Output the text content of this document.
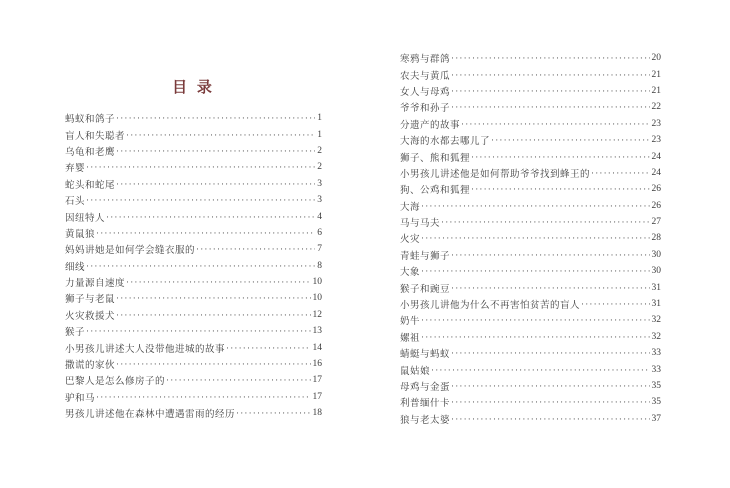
目 录
蚂蚁和鸽子 ·····	1
盲人和失聪者 ·····	1
乌龟和老鹰 ·····	2
弃婴 ·····	2
蛇头和蛇尾 ·····	3
石头 ·····	3
因纽特人 ·····	4
黄鼠狼 ·····	6
妈妈讲她是如何学会缝衣服的 ·····	7
细线 ·····	8
力量源自速度 ·····	10
狮子与老鼠 ·····	10
火灾救援犬 ·····	12
猴子 ·····	13
小男孩儿讲述大人没带他进城的故事 ·····	14
撒谎的家伙 ·····	16
巴黎人是怎么修房子的 ·····	17
驴和马 ·····	17
男孩儿讲述他在森林中遭遇雷雨的经历 ·····	18
寒鸦与群鸽 ·····	20
农夫与黄瓜 ·····	21
女人与母鸡 ·····	21
爷爷和孙子 ·····	22
分遗产的故事 ·····	23
大海的水都去哪儿了 ·····	23
狮子、熊和狐狸 ·····	24
小男孩儿讲述他是如何帮助爷爷找到蜂王的 ·····	24
狗、公鸡和狐狸 ·····	26
大海 ·····	26
马与马夫 ·····	27
火灾 ·····	28
青蛙与狮子 ·····	30
大象 ·····	30
猴子和豌豆 ·····	31
小男孩儿讲他为什么不再害怕贫苦的盲人 ·····	31
奶牛 ·····	32
嫘祖 ·····	32
蜻蜓与蚂蚁 ·····	33
鼠姑娘 ·····	33
母鸡与金蛋 ·····	35
利普缅什卡 ·····	35
狼与老太婆 ·····	37
